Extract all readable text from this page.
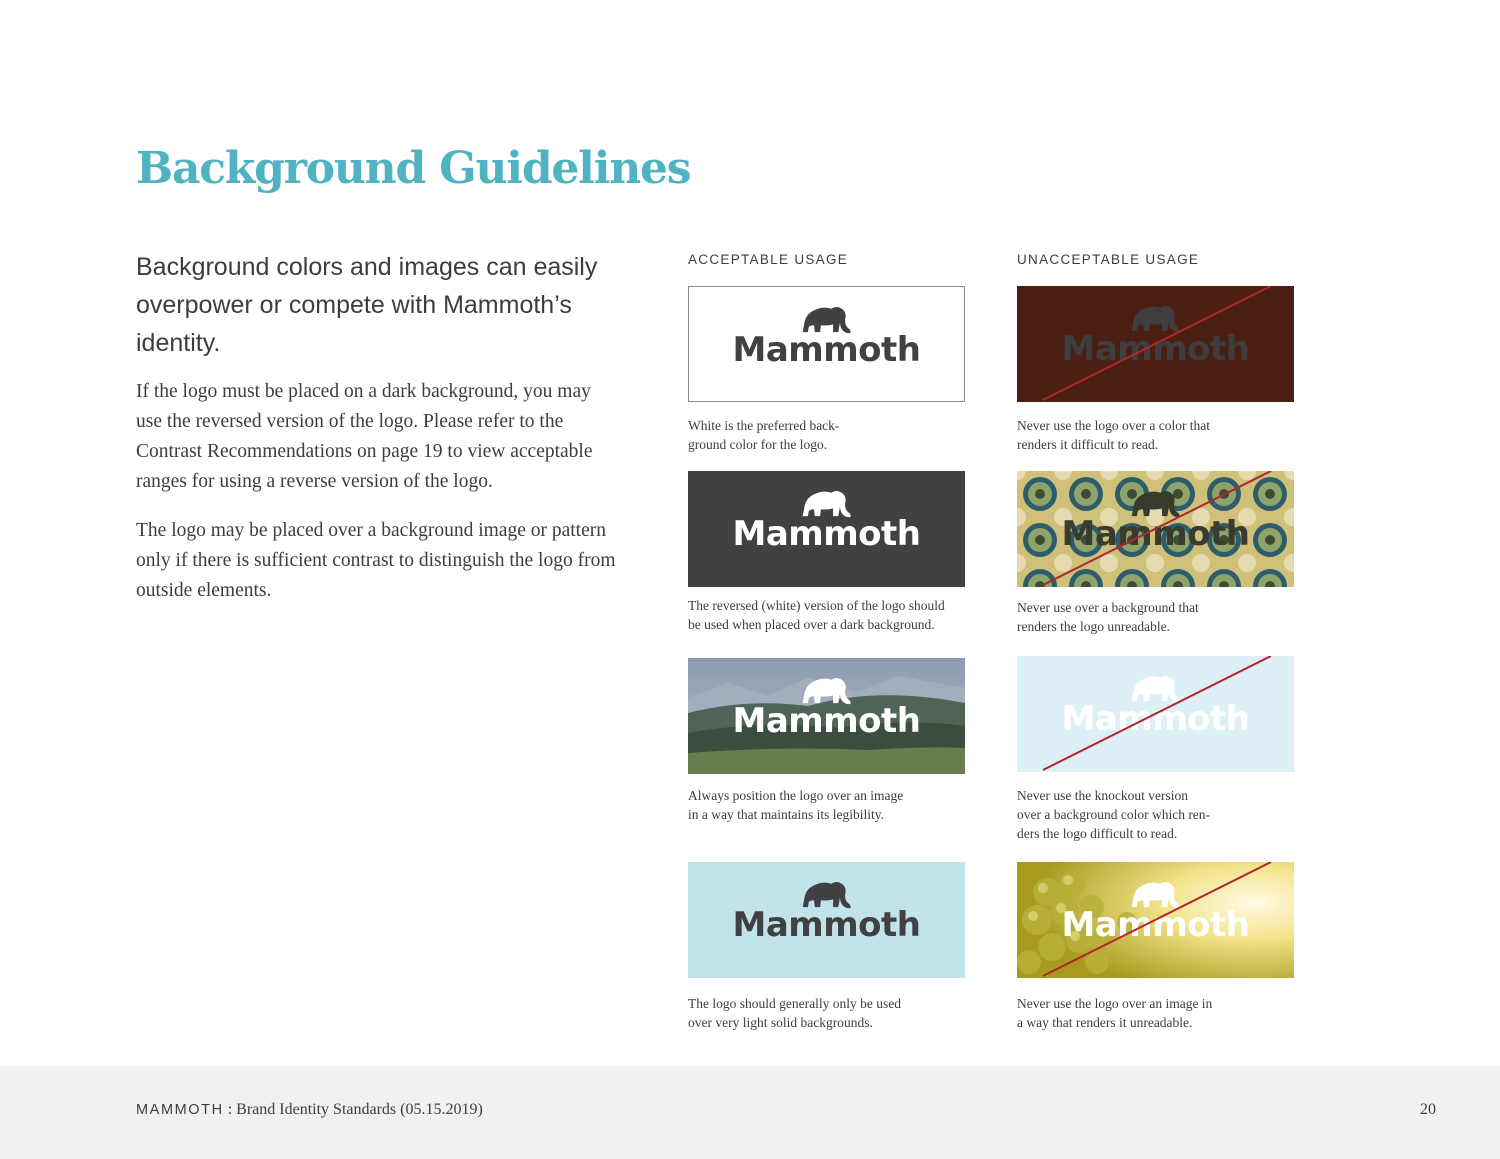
Background Guidelines

Background colors and images can easily overpower or compete with Mammoth’s identity.

If the logo must be placed on a dark background, you may use the reversed version of the logo. Please refer to the Contrast Recommendations on page 19 to view acceptable ranges for using a reverse version of the logo.

The logo may be placed over a background image or pattern only if there is sufficient contrast to distinguish the logo from outside elements.

ACCEPTABLE USAGE	UNACCEPTABLE USAGE
Mammoth
White is the preferred back-
ground color for the logo.
Mammoth
The reversed (white) version of the logo should
be used when placed over a dark background.
Mammoth
Always position the logo over an image
in a way that maintains its legibility.
Mammoth
The logo should generally only be used
over very light solid backgrounds.
Mammoth
Never use the logo over a color that
renders it difficult to read.
Mammoth
Never use over a background that
renders the logo unreadable.
Mammoth
Never use the knockout version
over a background color which ren-
ders the logo difficult to read.
Mammoth
Never use the logo over an image in
a way that renders it unreadable.
MAMMOTH : Brand Identity Standards (05.15.2019)	20
